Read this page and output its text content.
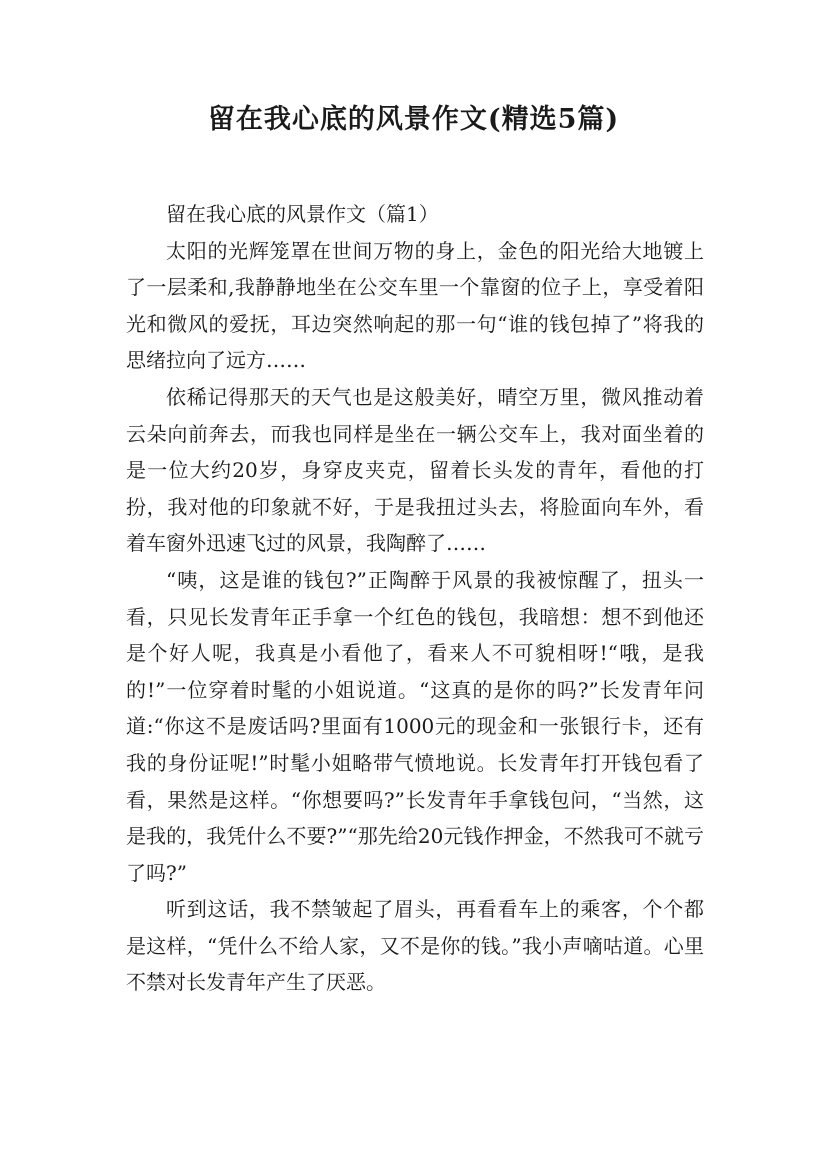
留在我心底的风景作文(精选5篇)

留在我心底的风景作文（篇1）

太阳的光辉笼罩在世间万物的身上，金色的阳光给大地镀上了一层柔和,我静静地坐在公交车里一个靠窗的位子上，享受着阳光和微风的爱抚，耳边突然响起的那一句“谁的钱包掉了”将我的思绪拉向了远方……

依稀记得那天的天气也是这般美好，晴空万里，微风推动着云朵向前奔去，而我也同样是坐在一辆公交车上，我对面坐着的是一位大约20岁，身穿皮夹克，留着长头发的青年，看他的打扮，我对他的印象就不好，于是我扭过头去，将脸面向车外，看着车窗外迅速飞过的风景，我陶醉了……

“咦，这是谁的钱包?”正陶醉于风景的我被惊醒了，扭头一看，只见长发青年正手拿一个红色的钱包，我暗想：想不到他还是个好人呢，我真是小看他了，看来人不可貌相呀!“哦，是我的!”一位穿着时髦的小姐说道。“这真的是你的吗?”长发青年问道:“你这不是废话吗?里面有1000元的现金和一张银行卡，还有我的身份证呢!”时髦小姐略带气愤地说。长发青年打开钱包看了看，果然是这样。“你想要吗?”长发青年手拿钱包问，“当然，这是我的，我凭什么不要?”“那先给20元钱作押金，不然我可不就亏了吗?”

听到这话，我不禁皱起了眉头，再看看车上的乘客，个个都是这样，“凭什么不给人家，又不是你的钱。”我小声嘀咕道。心里不禁对长发青年产生了厌恶。
